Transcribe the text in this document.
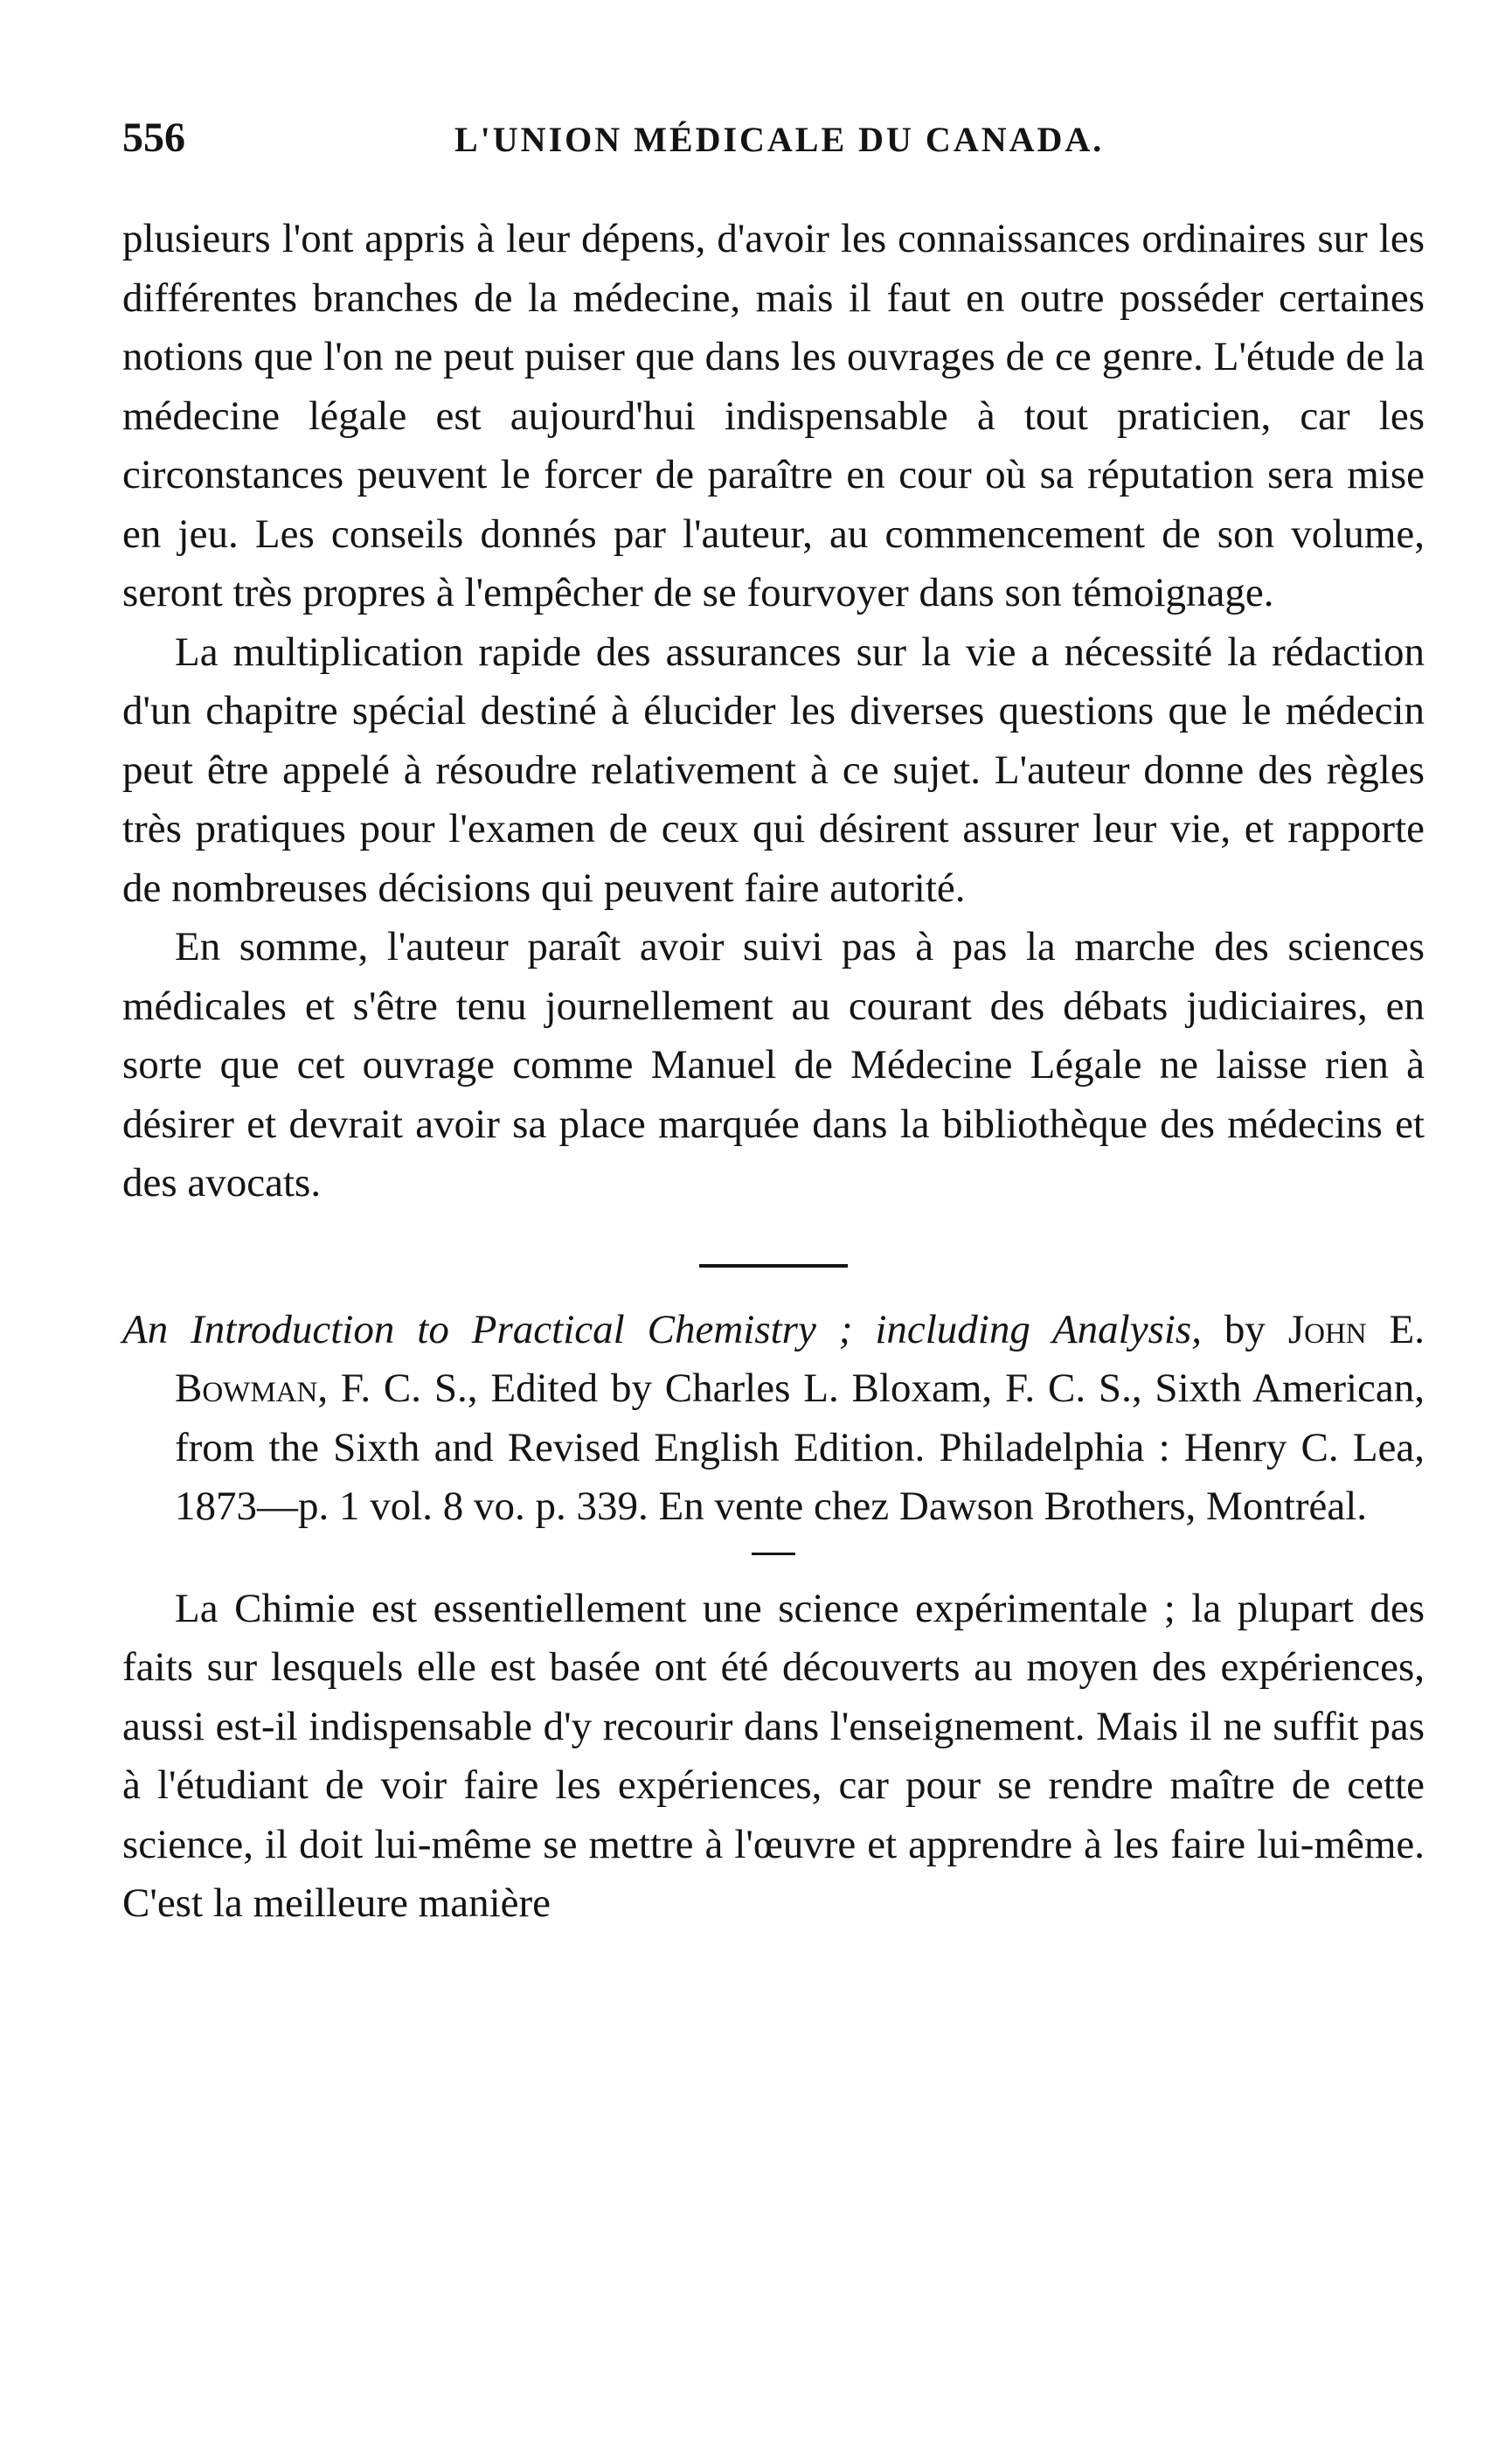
556	L'UNION MÉDICALE DU CANADA.

plusieurs l'ont appris à leur dépens, d'avoir les connaissances ordinaires sur les différentes branches de la médecine, mais il faut en outre posséder certaines notions que l'on ne peut puiser que dans les ouvrages de ce genre. L'étude de la médecine légale est aujourd'hui indispensable à tout praticien, car les circonstances peuvent le forcer de paraître en cour où sa réputation sera mise en jeu. Les conseils donnés par l'auteur, au commencement de son volume, seront très propres à l'empêcher de se fourvoyer dans son témoignage.

La multiplication rapide des assurances sur la vie a nécessité la rédaction d'un chapitre spécial destiné à élucider les diverses questions que le médecin peut être appelé à résoudre relativement à ce sujet. L'auteur donne des règles très pratiques pour l'examen de ceux qui désirent assurer leur vie, et rapporte de nombreuses décisions qui peuvent faire autorité.

En somme, l'auteur paraît avoir suivi pas à pas la marche des sciences médicales et s'être tenu journellement au courant des débats judiciaires, en sorte que cet ouvrage comme Manuel de Médecine Légale ne laisse rien à désirer et devrait avoir sa place marquée dans la bibliothèque des médecins et des avocats.

An Introduction to Practical Chemistry ; including Analysis, by John E. Bowman, F. C. S., Edited by Charles L. Bloxam, F. C. S., Sixth American, from the Sixth and Revised English Edition. Philadelphia : Henry C. Lea, 1873—p. 1 vol. 8 vo. p. 339. En vente chez Dawson Brothers, Montréal.

La Chimie est essentiellement une science expérimentale ; la plupart des faits sur lesquels elle est basée ont été découverts au moyen des expériences, aussi est-il indispensable d'y recourir dans l'enseignement. Mais il ne suffit pas à l'étudiant de voir faire les expériences, car pour se rendre maître de cette science, il doit lui-même se mettre à l'œuvre et apprendre à les faire lui-même. C'est la meilleure manière
